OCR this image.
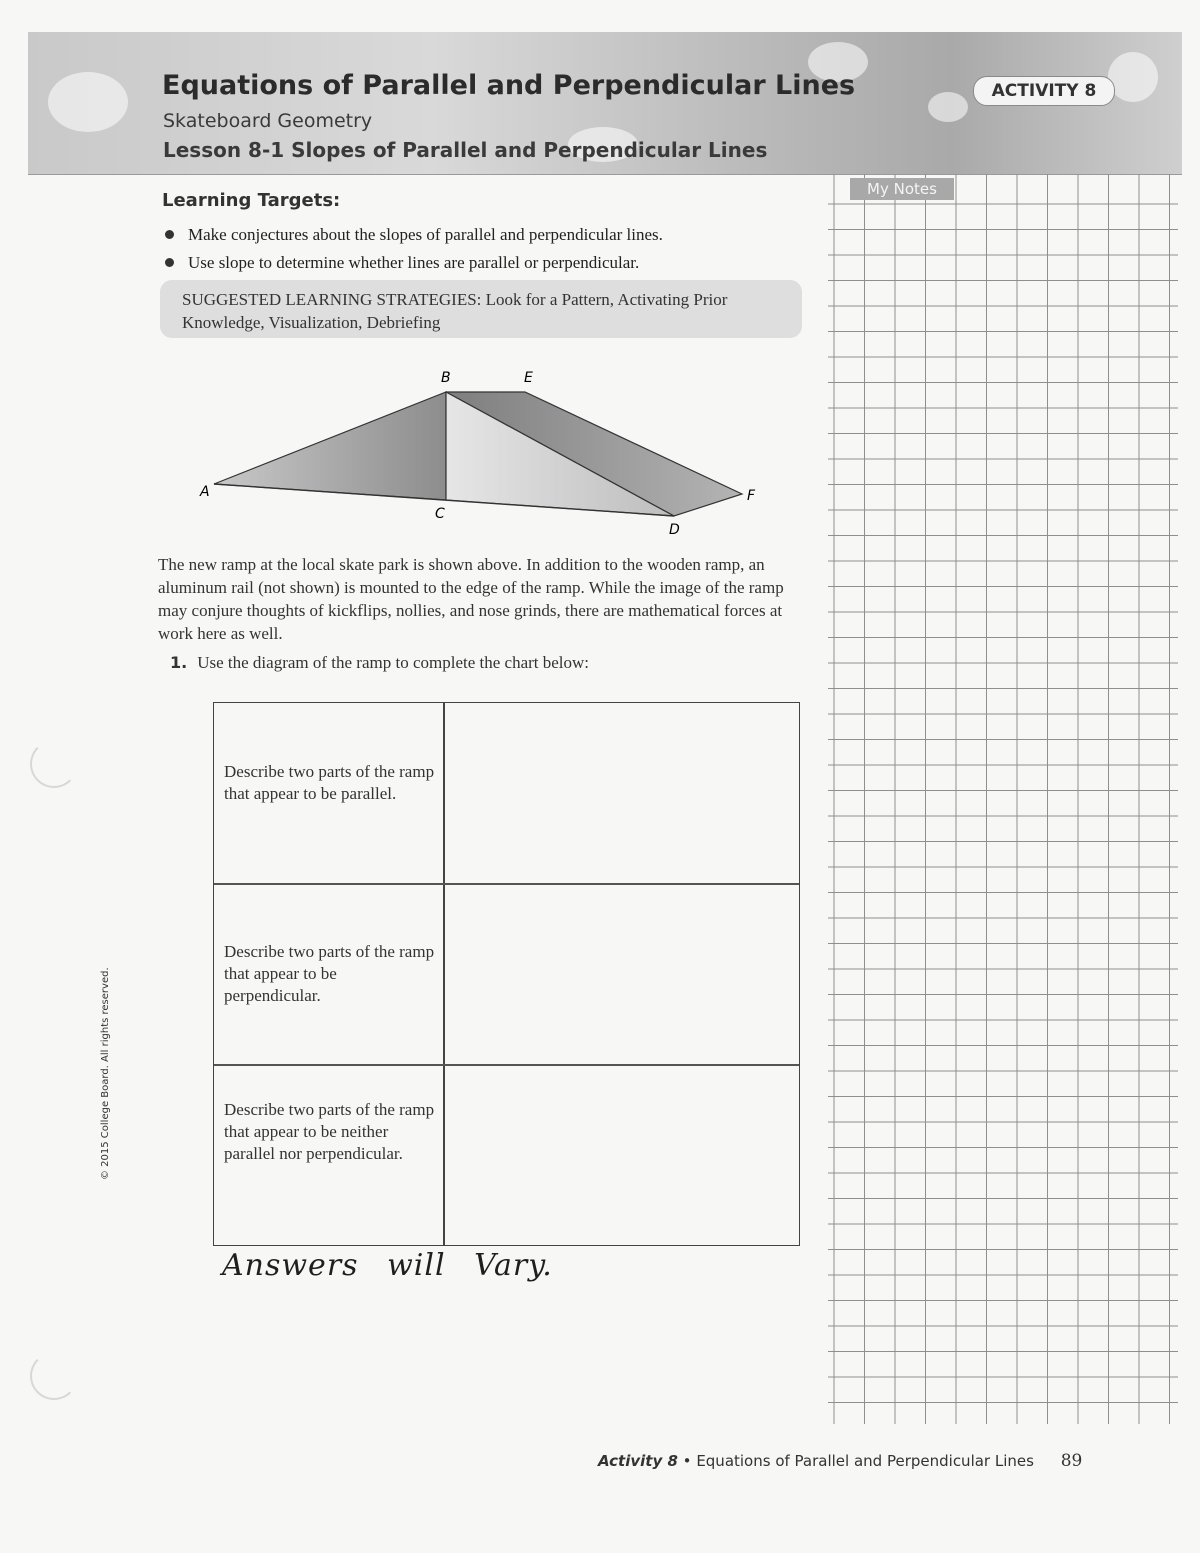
Equations of Parallel and Perpendicular Lines
Skateboard Geometry
Lesson 8-1 Slopes of Parallel and Perpendicular Lines
ACTIVITY 8
Learning Targets:
Make conjectures about the slopes of parallel and perpendicular lines.
Use slope to determine whether lines are parallel or perpendicular.
SUGGESTED LEARNING STRATEGIES: Look for a Pattern, Activating Prior Knowledge, Visualization, Debriefing
A
B
C
D
E
F

The new ramp at the local skate park is shown above. In addition to the wooden ramp, an aluminum rail (not shown) is mounted to the edge of the ramp. While the image of the ramp may conjure thoughts of kickflips, nollies, and nose grinds, there are mathematical forces at work here as well.

1. Use the diagram of the ramp to complete the chart below:
Describe two parts of the ramp that appear to be parallel.
Describe two parts of the ramp that appear to be perpendicular.
Describe two parts of the ramp that appear to be neither parallel nor perpendicular.
Answers will Vary.
My Notes
© 2015 College Board. All rights reserved.
Activity 8 • Equations of Parallel and Perpendicular Lines 89
